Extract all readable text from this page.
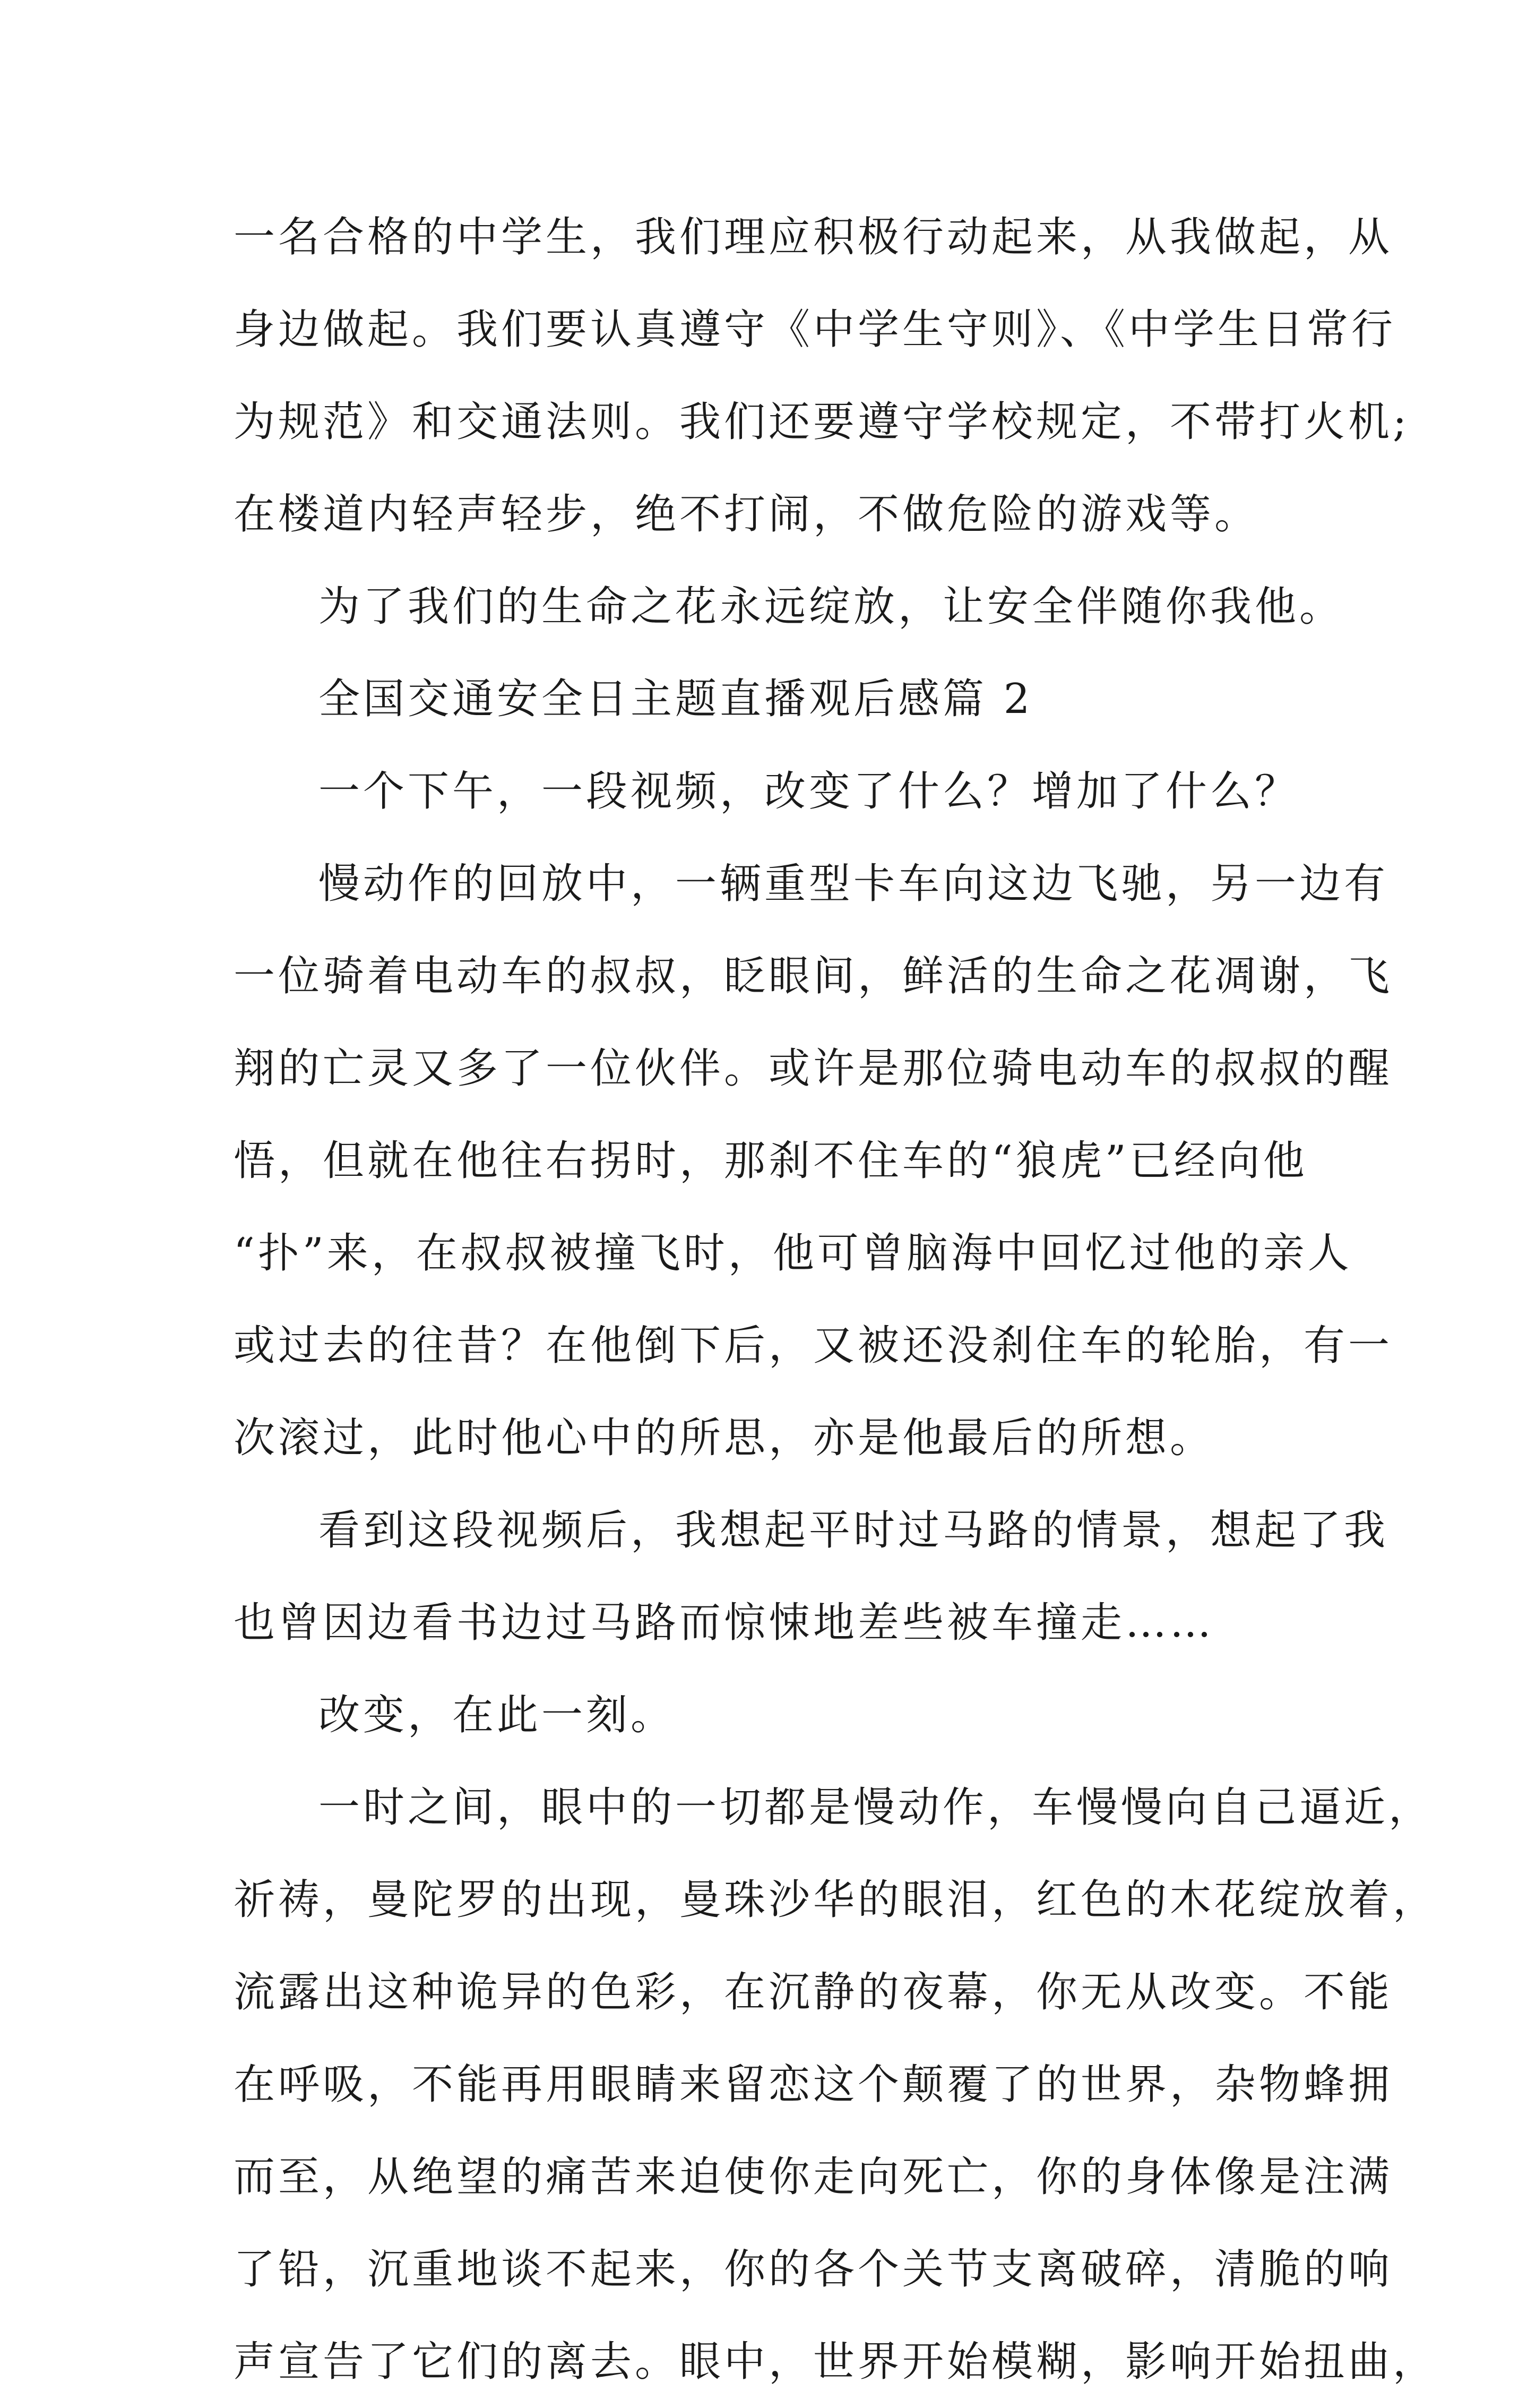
一名合格的中学生，我们理应积极行动起来，从我做起，从
身边做起。我们要认真遵守《中学生守则》、《中学生日常行
为规范》和交通法则。我们还要遵守学校规定，不带打火机;
在楼道内轻声轻步，绝不打闹，不做危险的游戏等。
为了我们的生命之花永远绽放，让安全伴随你我他。
全国交通安全日主题直播观后感篇 2
一个下午，一段视频，改变了什么？增加了什么？
慢动作的回放中，一辆重型卡车向这边飞驰，另一边有
一位骑着电动车的叔叔，眨眼间，鲜活的生命之花凋谢，飞
翔的亡灵又多了一位伙伴。或许是那位骑电动车的叔叔的醒
悟，但就在他往右拐时，那刹不住车的“狼虎”已经向他
“扑”来，在叔叔被撞飞时，他可曾脑海中回忆过他的亲人
或过去的往昔？在他倒下后，又被还没刹住车的轮胎，有一
次滚过，此时他心中的所思，亦是他最后的所想。
看到这段视频后，我想起平时过马路的情景，想起了我
也曾因边看书边过马路而惊悚地差些被车撞走……
改变，在此一刻。
一时之间，眼中的一切都是慢动作，车慢慢向自己逼近，
祈祷，曼陀罗的出现，曼珠沙华的眼泪，红色的木花绽放着，
流露出这种诡异的色彩，在沉静的夜幕，你无从改变。不能
在呼吸，不能再用眼睛来留恋这个颠覆了的世界，杂物蜂拥
而至，从绝望的痛苦来迫使你走向死亡，你的身体像是注满
了铅，沉重地谈不起来，你的各个关节支离破碎，清脆的响
声宣告了它们的离去。眼中，世界开始模糊，影响开始扭曲，
